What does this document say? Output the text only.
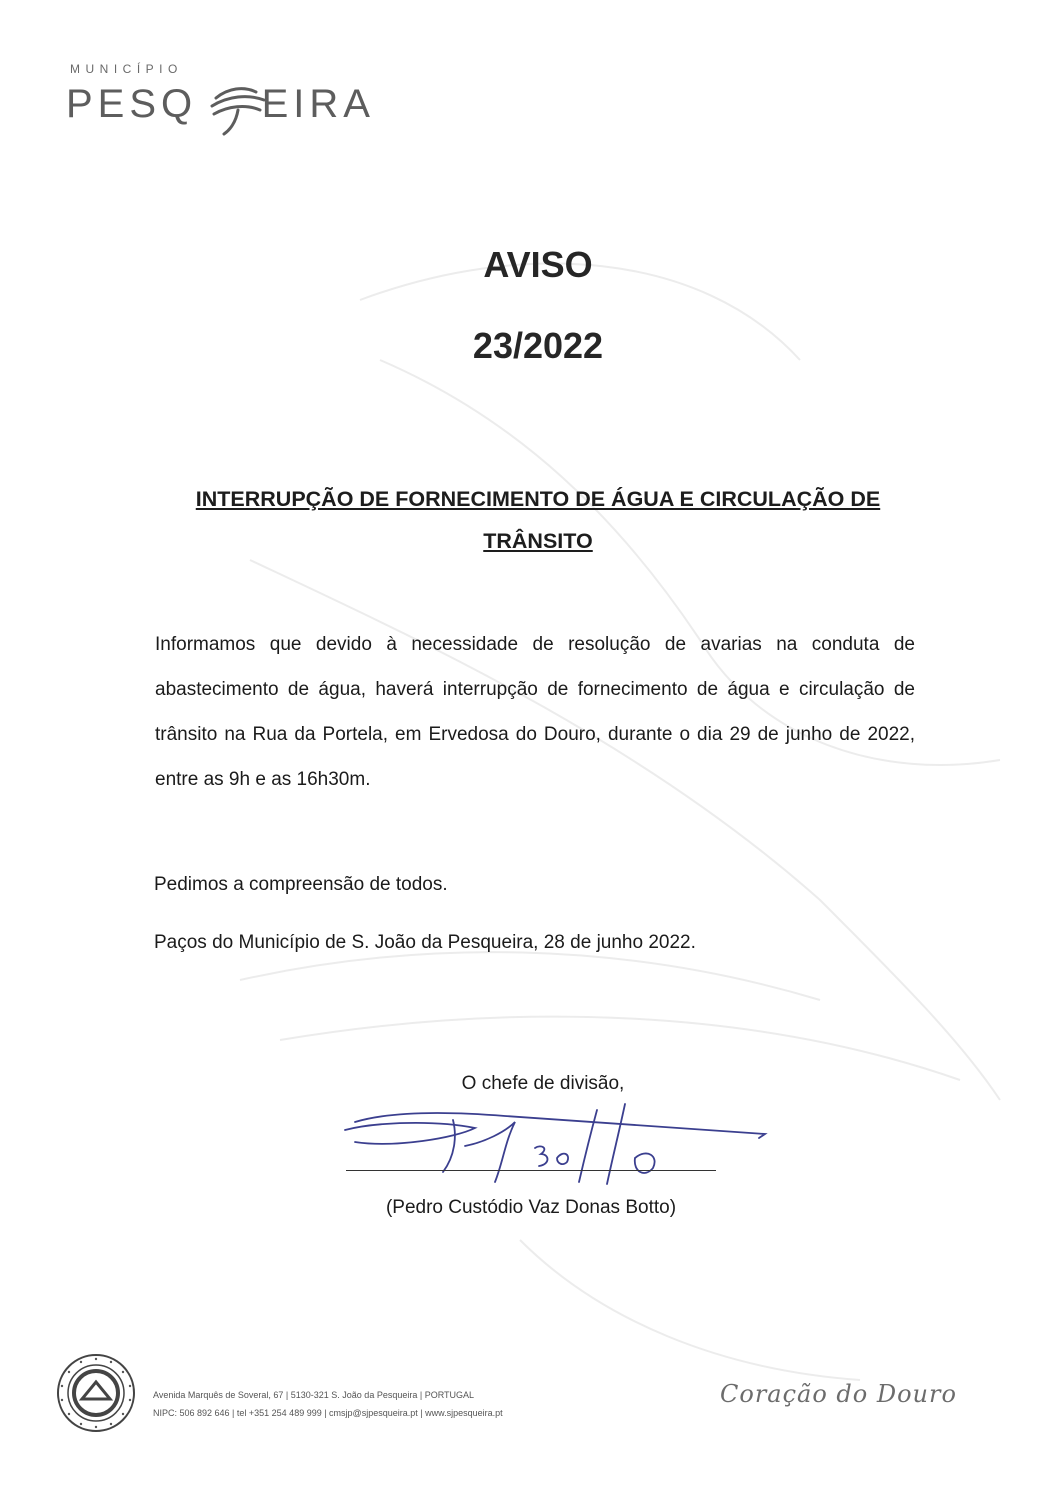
MUNICÍPIO
PESQ    EIRA
AVISO
23/2022

INTERRUPÇÃO DE FORNECIMENTO DE ÁGUA E CIRCULAÇÃO DE TRÂNSITO

Informamos que devido à necessidade de resolução de avarias na conduta de abastecimento de água, haverá interrupção de fornecimento de água e circulação de trânsito na Rua da Portela, em Ervedosa do Douro, durante o dia 29 de junho de 2022, entre as 9h e as 16h30m.

Pedimos a compreensão de todos.

Paços do Município de S. João da Pesqueira, 28 de junho 2022.

O chefe de divisão,
(Pedro Custódio Vaz Donas Botto)
Avenida Marquês de Soveral, 67 | 5130-321 S. João da Pesqueira | PORTUGAL
NIPC: 506 892 646 | tel +351 254 489 999 | cmsjp@sjpesqueira.pt | www.sjpesqueira.pt
Coração do Douro
